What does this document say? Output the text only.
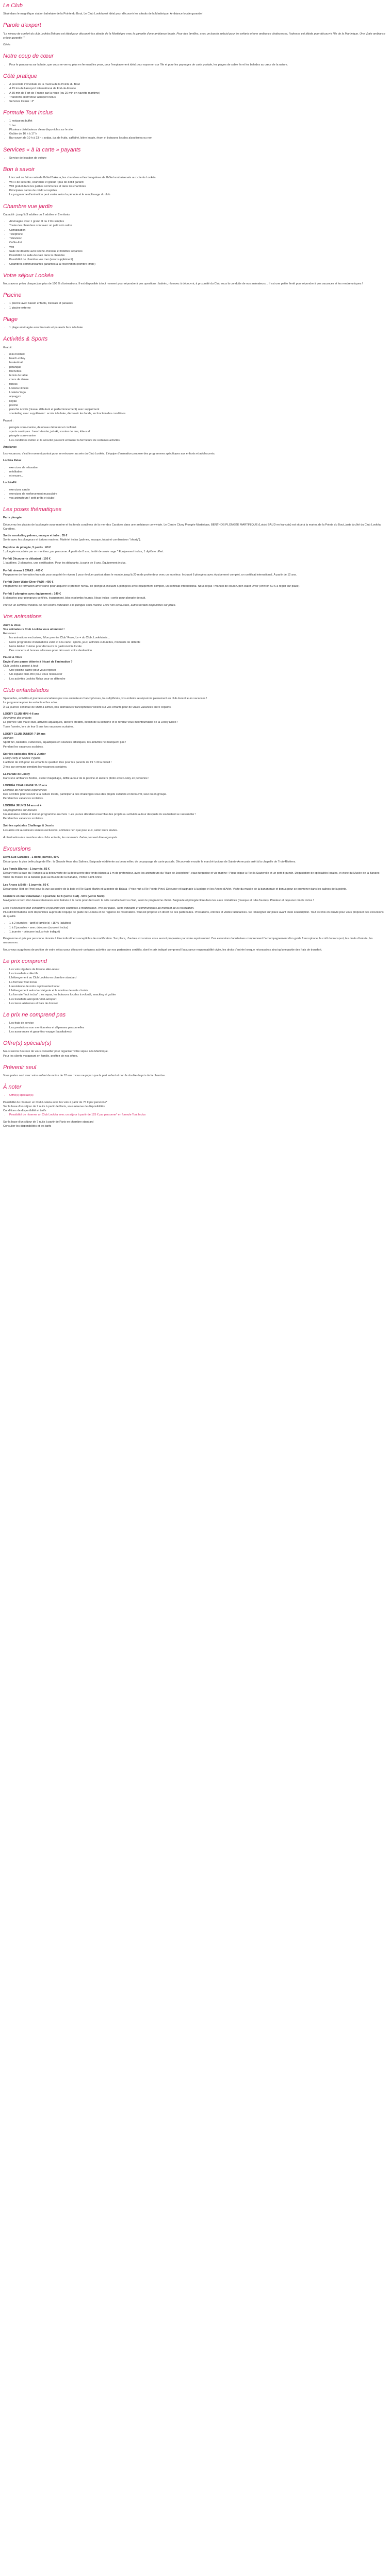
Le Club

Situé dans le magnifique station balnéaire de la Pointe du Bout, Le Club Lookéa est idéal pour découvrir les attraits de la Martinique. Ambiance locale garantie !

Parole d'expert

"Le niveau de confort du club Lookéa Bakoua est idéal pour découvrir les attraits de la Martinique avec la garantie d'une ambiance locale. Pour des familles, avec un bassin spécial pour les enfants et une ambiance chaleureuse, l'adresse est idéale pour découvrir l'île de la Martinique. Une Vraie ambiance créole garantie !"

Olivia

Notre coup de cœur
• Pour le panorama sur la baie, que vous ne verrez plus en fermant les yeux, pour l'emplacement idéal pour rayonner sur l'île et pour les paysages de carte postale, les plages de sable fin et les balades au cœur de la nature.
Côté pratique
• A proximité immédiate de la marina de la Pointe du Bout
• A 15 km de l'aéroport international de Fort-de-France
• A 30 min de Fort-de-France par la route (ou 20 min en navette maritime)
• Transferts aller/retour aéroport inclus
• Services locaux : 3*
Formule Tout Inclus
• 1 restaurant buffet
• 1 bar
• Plusieurs distributeurs d'eau disponibles sur le site
• Goûter de 16 h à 17 h
• Bar ouvert de 10 h à 23 h : sodas, jus de fruits, café/thé, bière locale, rhum et boissons locales alcoolisées ou non
Services « à la carte » payants
• Service de location de voiture
Bon à savoir
• L'accueil se fait au sein de l'hôtel Bakoua, les chambres et les bungalows de l'hôtel sont réservés aux clients Lookéa
• Wi-Fi de sécurité, courtoisie et gratuit : pas de débit garanti
• Wifi gratuit dans les parties communes et dans les chambres
• Principales cartes de crédit acceptées
• Le programme d'animation peut varier selon la période et le remplissage du club
Chambre vue jardin

Capacité : jusqu'à 3 adultes ou 2 adultes et 2 enfants

• Aménagée avec 1 grand lit ou 2 lits simples
• Toutes les chambres sont avec un petit coin salon
• Climatisation
• Téléphone
• Télévision
• Coffre-fort
• Wifi
• Salle de douche avec sèche-cheveux et toilettes séparées
• Possibilité de salle-de-bain dans la chambre
• Possibilité de chambre vue mer (avec supplément)
• Chambres communicantes garanties à la réservation (nombre limité)
Votre séjour Lookéa

Nous avons prévu chaque jour plus de 100 % d'animations. Il est disponible à tout moment pour répondre à vos questions : balnéo, réservez à découvrir, à proximité du Club sous la conduite de nos animateurs... Il est une petite fierté pour répondre à vos vacances et les rendre uniques !

Piscine
• 1 piscine avec bassin enfants, transats et parasols
• 1 piscine externe
Plage
• 1 plage aménagée avec transats et parasols face à la baie
Activités & Sports

Gratuit :

• mini-football
• beach-volley
• basket-ball
• pétanque
• fléchettes
• tennis de table
• cours de danse
• fitness
• Lookéa Fitness
• Lookéa Yoga
• aquagym
• kayak
• piscine
• planche à voile (niveau débutant et perfectionnement) avec supplément
• snorkeling avec supplément : accès à la baie, découvrir les fonds, en fonction des conditions

Payant :

• plongée sous-marine, de niveau débutant et confirmé
• sports nautiques : beach-tender, jet-ski, scooter de mer, kite-surf
• plongée sous-marine
• Les conditions météo et la sécurité pourront entraîner la fermeture de certaines activités.

Ambiance

Les vacances, c'est le moment partout pour se retrouver au sein du Club Lookéa. L'équipe d'animation propose des programmes spécifiques aux enfants et adolescents.

Lookéa Relax

• exercices de relaxation
• méditation
• et encore...

LookéaFit

• exercices cardio
• exercices de renforcement musculaire
• vos animateurs ! petit prêts et clubs !
Les poses thématiques

Paris plongée

Découvrez les plaisirs de la plongée sous-marine et les fonds coralliens de la mer des Caraïbes dans une ambiance conviviale. Le Centre Cluny Plongée Martinique, BENTHOS PLONGÉE MARTINIQUE (Loisir/ BAUD en français) est situé à la marina de la Pointe du Bout, juste à côté du Club Lookéa Caraïbes.

Sortie snorkeling palmes, masque et tuba : 35 €

Sortie avec les plongeurs et tortues marines. Matériel inclus (palmes, masque, tuba) et combinaison "shorty").

Baptême de plongée, 5 pavés : 60 €

1 plongée encadrée par un moniteur, par personne. À partir de 8 ans, limité de seule nage * Équipement inclus, 1 diplôme offert.

Forfait Découverte débutant : 150 €

1 baptême, 2 plongées, une certification. Pour les débutants, à partir de 8 ans. Équipement inclus.

Forfait niveau 1 CMAS : 400 €

Programme de formation français pour acquérir le niveau 1 pour évoluer partout dans le monde jusqu'à 20 m de profondeur avec un moniteur. Incluant 6 plongées avec équipement complet, un certificat international. À partir de 12 ans.

Forfait Open Water Diver PADI : 495 €

Programme de formation américaine pour acquérir le premier niveau de plongeur, incluant 6 plongées avec équipement complet, un certificat international. Nous reçus : manuel de cours Open water Diver (environ 60 € à régler sur place).

Forfait 5 plongées avec équipement : 140 €

5 plongées pour plongeurs certifiés, équipement, bloc et plombs fournis. Nous inclus : sortie pour plongée de nuit.

Prévoir un certificat médical de non contre-indication à la plongée sous-marine. Liste non exhaustive, autres forfaits disponibles sur place.

Vos animations

Anim & Vous

Vos animateurs Club Lookéa vous attendent !

Retrouvez :

• les animations exclusives, 'Mon premier Club' Rose, Le + du Club, Lookéa'mix...
• Notre programme d'animations varié et à la carte : sports, jeux, activités culturelles, moments de détente
• Notre Atelier Cuisine pour découvrir la gastronomie locale
• Des concerts et bonnes adresses pour découvrir votre destination

Pause & Vous

Envie d'une pause détente à l'écart de l'animation ?

Club Lookéa a pensé à tout :

• Une piscine calme pour vous reposer
• Un espace bien-être pour vous ressourcer
• Les activités Lookéa Relax pour se détendre
Club enfants/ados

Spectacles, activités et journées encadrées par nos animateurs francophones, tous diplômés, vos enfants se réjouiront pleinement en club durant leurs vacances !

Le programme pour les enfants et les ados.

À La journée continue de 9h30 à 18h00, nos animateurs francophones veillent sur vos enfants pour de vraies vacances entre copains.

LOOKY CLUB MINI 4-6 ans

Au rythme des enfants

La journée-ville via le club, activités aquatiques, ateliers créatifs, dessin de la semaine et le rendez-vous incontournable de la Looky Disco !

Toute l'année, lors de leur 5 ans lors vacances scolaires.

LOOKY CLUB JUNIOR 7-10 ans

Actif fun

Sport fun, ballades, culturelles, aquatiques en séances artistiques, les activités ne manquent pas !

Pendant les vacances scolaires.

Soirées spéciales Mini & Junior

Looky Party et Soirée Pyjama

L'activité de 20h pour les enfants le quartier libre pour les parents de 19 h 30 à minuit !

2 fois par semaine pendant les vacances scolaires.

La Parade de Looky

Dans une ambiance festive, atelier maquillage, défilé autour de la piscine et ateliers photo avec Looky en personne !

LOOKÉA CHALLENGE 11-13 ans

Exercice de nouvelles expériences

Des activités pour s'ouvrir à la culture locale, participer à des challenges sous des projets culturels et découvrir, seul ou en groupe.

Pendant les vacances scolaires.

LOOKÉA JEUN'S 14 ans et +

Un programme sur mesure

Un animateur dédié et tout un programme au choix : Les jeunes décident ensemble des projets ou activités autour desquels ils souhaitent se rassembler !

Pendant les vacances scolaires.

Soirées spéciales Challenge & Jeun's

Les ados ont aussi leurs soirées exclusives, animées rien que pour eux, selon leurs envies.

À destination des membres des clubs enfants, les moments d'ados peuvent être regroupés.

Excursions

Demi-Sud Caraïbes - 1 demi-journée, 40 €

Départ pour la plus belle plage de l'île : la Grande Anse des Salines. Baignade et détente au beau milieu de ce paysage de carte postale. Découverte ensuite le marché typique de Sainte-Anne puis arrêt à la chapelle de Trois-Rivières.

Les Fonds Blancs - 1 journée, 85 €

Départ vers la baie du François à la découverte de la découverte des fonds blancs à 1 m de profondeur, avec les animateurs du "Bain de Joséphine", eaux turquoise et vie marine ! Pique-nique à l'îlet la Sauterelle et un petit ti-punch. Dégustation de spécialités locales, et visite du Musée de la Banane. Visite du musée de la banane puis au musée de la Banane, Pointe Saint-Anne.

Les Anses à Bélé - 1 journée, 60 €

Départ pour l'îlet de Pinel pour la vue au centre de la baie et l'île Saint-Martin et la pointe de Balata : Prise nuit a l'île Pointe Pinel. Déjeuner et baignade à la plage et les Anses-d'Arlet. Visite du musée de la bananeraie et bonus pour se promener dans les salines de la pointe.

Croisière en mer catamaran : 1 journée, 60 € (vente Sud) - 50 € (vente Nord)

Navigation à bord d'un beau catamaran avec balnéo à la carte pour découvrir la côte caraïbe Nord ou Sud, selon le programme choisi. Baignade et plongée libre dans les eaux cristallines (masque et tuba fournis). Planteur et déjeuner créole inclus !

Liste d'excursions non exhaustive et pouvant être soumises à modification. Prix sur place. Tarifs indicatifs et communiqués au moment de la réservation.

Plus d'informations sont disponibles auprès de l'équipe de guide de Lookéa et de l'agence de réservation. Tout est proposé en direct de ces partenaires. Prestations, entrées et visites facultatives. Se renseigner sur place avant toute souscription. Tout est mis en œuvre pour vous proposer des excursions de qualité.

• 1 à 2 journées - tarif(s) famille(s) : 15 % (adultes)
• 1 à 2 journées - avec déjeuner (souvent inclus)
• 1 journée - déjeuner inclus (voir indiqué)

Programme et prix par personne donnés à titre indicatif et susceptibles de modification. Sur place, d'autres excursions vous seront proposées par notre représentant. Ces excursions facultatives comprennent l'accompagnement d'un guide francophone, le coût du transport, les droits d'entrée, les assurances.

Nous vous suggérons de profiter de votre séjour pour découvrir certaines activités par nos partenaires certifiés, dont le prix indiqué comprend l'assurance responsabilité civile, les droits d'entrée lorsque nécessaires ainsi qu'une partie des frais de transfert.

Le prix comprend
• Les vols réguliers de France aller-retour
• Les transferts collectifs
• L'hébergement au Club Lookéa en chambre standard
• La formule Tout Inclus
• L'assistance de notre représentant local
• L'hébergement selon la catégorie et le nombre de nuits choisis
• La formule "tout inclus" : les repas, les boissons locales à volonté, snacking et goûter
• Les transferts aéroport-hôtel-aéroport
• Les taxes aériennes et frais de dossier
Le prix ne comprend pas
• Les frais de service
• Les prestations non mentionnées et dépenses personnelles
• Les assurances et garanties voyage (facultatives)
Offre(s) spéciale(s)

Nous serons heureux de vous conseiller pour organiser votre séjour à la Martinique.

Pour les clients voyageant en famille, profitez de nos offres.

Prévenir seul

Vous partez seul avec votre enfant de moins de 12 ans : vous ne payez que la part enfant et non le double du prix de la chambre.

À noter
• Offre(s) spéciale(s)

Possibilité de réserver un Club Lookéa avec les vols à partir de 75 € par personne*

Sur la base d'un séjour de 7 nuits à partir de Paris, sous réserve de disponibilités

Conditions de disponibilité et tarifs

• Possibilité de réserver un Club Lookéa avec un séjour à partir de 125 € par personne* en formule Tout Inclus

Sur la base d'un séjour de 7 nuits à partir de Paris en chambre standard

Consulter les disponibilités et les tarifs
